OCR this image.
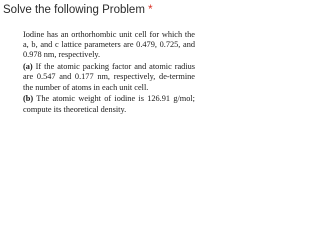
Solve the following Problem *

Iodine has an orthorhombic unit cell for which the a, b, and c lattice parameters are 0.479, 0.725, and 0.978 nm, respectively.

(a) If the atomic packing factor and atomic radius are 0.547 and 0.177 nm, respectively, de-termine the number of atoms in each unit cell.

(b) The atomic weight of iodine is 126.91 g/mol; compute its theoretical density.
